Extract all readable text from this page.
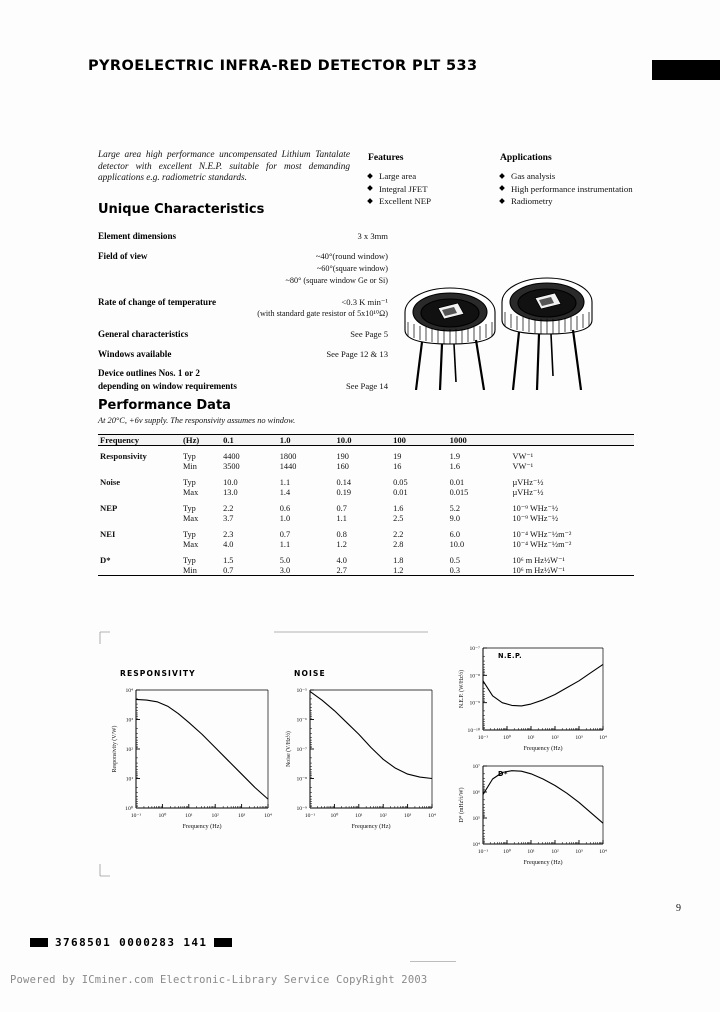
PYROELECTRIC INFRA-RED DETECTOR PLT 533
Large area high performance uncompensated Lithium Tantalate detector with excellent N.E.P. suitable for most demanding applications e.g. radiometric standards.
Features
Large area
Integral JFET
Excellent NEP
Applications
Gas analysis
High performance instrumentation
Radiometry
Unique Characteristics
Element dimensions	3 x 3mm
Field of view	~40°(round window)
~60°(square window)
~80° (square window Ge or Si)
Rate of change of temperature	<0.3 K min⁻¹
(with standard gate resistor of 5x10¹⁰Ω)
General characteristics	See Page 5
Windows available	See Page 12 & 13
Device outlines Nos. 1 or 2
depending on window requirements	See Page 14
Performance Data
At 20°C, +6v supply. The responsivity assumes no window.
Frequency	(Hz)	0.1	1.0	10.0	100	1000	
Responsivity	Typ	4400	1800	190	19	1.9	VW⁻¹
	Min	3500	1440	160	16	1.6	VW⁻¹
Noise	Typ	10.0	1.1	0.14	0.05	0.01	µVHz⁻½
	Max	13.0	1.4	0.19	0.01	0.015	µVHz⁻½
NEP	Typ	2.2	0.6	0.7	1.6	5.2	10⁻⁹ WHz⁻½
	Max	3.7	1.0	1.1	2.5	9.0	10⁻⁹ WHz⁻½
NEI	Typ	2.3	0.7	0.8	2.2	6.0	10⁻⁴ WHz⁻½m⁻²
	Max	4.0	1.1	1.2	2.8	10.0	10⁻⁴ WHz⁻½m⁻²
D*	Typ	1.5	5.0	4.0	1.8	0.5	10⁶ m Hz½W⁻¹
	Min	0.7	3.0	2.7	1.2	0.3	10⁶ m Hz½W⁻¹
10⁻¹	10⁰	10¹	10²	10³	10⁴
10⁴
10³
10²
10¹
10⁰
RESPONSIVITY
Frequency (Hz)
Responsivity (V/W)
10⁻¹	10⁰	10¹	10²	10³	10⁴
10⁻⁵
10⁻⁶
10⁻⁷
10⁻⁸
10⁻⁹
NOISE
Frequency (Hz)
Noise (V/Hz½)	10⁻¹	10⁰	10¹	10²	10³	10⁴
10⁻⁷
10⁻⁸
10⁻⁹
10⁻¹⁰
N.E.P.
Frequency (Hz)
N.E.P. (W/Hz½)
10⁻¹	10⁰	10¹	10²	10³	10⁴
10⁷
10⁶
10⁵
10⁴
D*
Frequency (Hz)
D* (mHz½/W)
9
3768501 0000283 141
Powered by ICminer.com Electronic-Library Service CopyRight 2003
